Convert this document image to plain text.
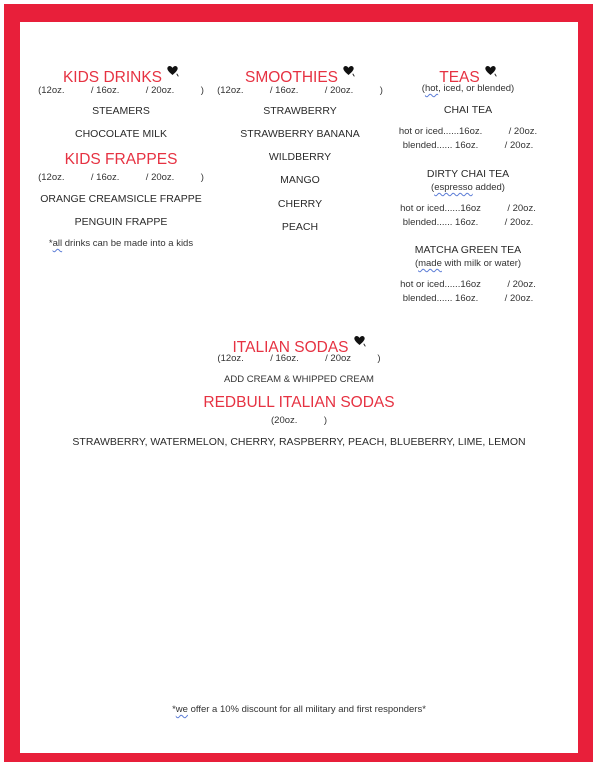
KIDS DRINKS
(12oz.          / 16oz.          / 20oz.          )
STEAMERS
CHOCOLATE MILK
KIDS FRAPPES
(12oz.          / 16oz.          / 20oz.          )
ORANGE CREAMSICLE FRAPPE
PENGUIN FRAPPE
*all drinks can be made into a kids
SMOOTHIES
(12oz.          / 16oz.          / 20oz.          )
STRAWBERRY
STRAWBERRY BANANA
WILDBERRY
MANGO
CHERRY
PEACH
TEAS
(hot, iced, or blended)
CHAI TEA
hot or iced......16oz.          / 20oz.
blended...... 16oz.          / 20oz.
DIRTY CHAI TEA
(espresso added)
hot or iced......16oz          / 20oz.
blended...... 16oz.          / 20oz.
MATCHA GREEN TEA
(made with milk or water)
hot or iced......16oz          / 20oz.
blended...... 16oz.          / 20oz.
ITALIAN SODAS
(12oz.          / 16oz.          / 20oz          )
ADD CREAM & WHIPPED CREAM
REDBULL ITALIAN SODAS
(20oz.          )
STRAWBERRY, WATERMELON, CHERRY, RASPBERRY, PEACH, BLUEBERRY, LIME, LEMON
*we offer a 10% discount for all military and first responders*
